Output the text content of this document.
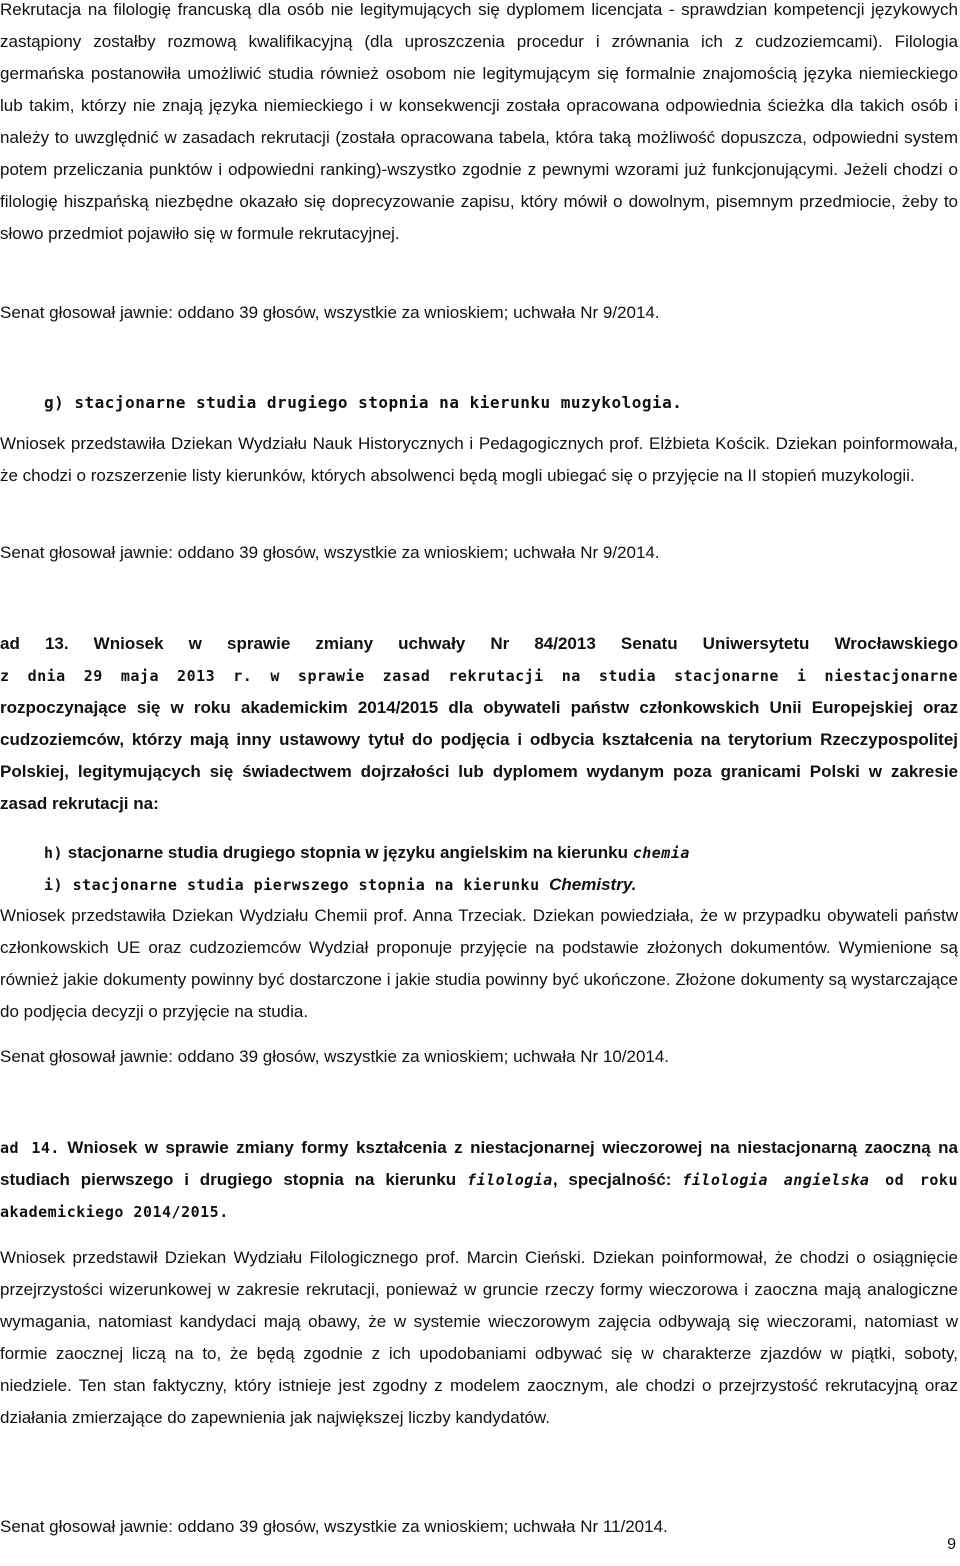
Rekrutacja na filologię francuską dla osób nie legitymujących się dyplomem licencjata - sprawdzian kompetencji językowych zastąpiony zostałby rozmową kwalifikacyjną (dla uproszczenia procedur i zrównania ich z cudzoziemcami). Filologia germańska postanowiła umożliwić studia również osobom nie legitymującym się formalnie znajomością języka niemieckiego lub takim, którzy nie znają języka niemieckiego i w konsekwencji została opracowana odpowiednia ścieżka dla takich osób i należy to uwzględnić w zasadach rekrutacji (została opracowana tabela, która taką możliwość dopuszcza, odpowiedni system potem przeliczania punktów i odpowiedni ranking)-wszystko zgodnie z pewnymi wzorami już funkcjonującymi. Jeżeli chodzi o filologię hiszpańską niezbędne okazało się doprecyzowanie zapisu, który mówił o dowolnym, pisemnym przedmiocie, żeby to słowo przedmiot pojawiło się w formule rekrutacyjnej.

Senat głosował jawnie: oddano 39 głosów, wszystkie za wnioskiem; uchwała Nr 9/2014.

g) stacjonarne studia drugiego stopnia na kierunku muzykologia.

Wniosek przedstawiła Dziekan Wydziału Nauk Historycznych i Pedagogicznych prof. Elżbieta Kościk. Dziekan poinformowała, że chodzi o rozszerzenie listy kierunków, których absolwenci będą mogli ubiegać się o przyjęcie na II stopień muzykologii.

Senat głosował jawnie: oddano 39 głosów, wszystkie za wnioskiem; uchwała Nr 9/2014.

ad 13. Wniosek w sprawie zmiany uchwały Nr 84/2013 Senatu Uniwersytetu Wrocławskiego
z dnia 29 maja 2013 r. w sprawie zasad rekrutacji na studia stacjonarne i niestacjonarne
rozpoczynające się w roku akademickim 2014/2015 dla obywateli państw członkowskich Unii Europejskiej oraz cudzoziemców, którzy mają inny ustawowy tytuł do podjęcia i odbycia kształcenia na terytorium Rzeczypospolitej Polskiej, legitymujących się świadectwem dojrzałości lub dyplomem wydanym poza granicami Polski w zakresie zasad rekrutacji na:

h) stacjonarne studia drugiego stopnia w języku angielskim na kierunku chemia

i) stacjonarne studia pierwszego stopnia na kierunku Chemistry.

Wniosek przedstawiła Dziekan Wydziału Chemii prof. Anna Trzeciak. Dziekan powiedziała, że w przypadku obywateli państw członkowskich UE oraz cudzoziemców Wydział proponuje przyjęcie na podstawie złożonych dokumentów. Wymienione są również jakie dokumenty powinny być dostarczone i jakie studia powinny być ukończone. Złożone dokumenty są wystarczające do podjęcia decyzji o przyjęcie na studia.

Senat głosował jawnie: oddano 39 głosów, wszystkie za wnioskiem; uchwała Nr 10/2014.

ad 14. Wniosek w sprawie zmiany formy kształcenia z niestacjonarnej wieczorowej na niestacjonarną zaoczną na studiach pierwszego i drugiego stopnia na kierunku filologia, specjalność: filologia angielska od roku akademickiego 2014/2015.

Wniosek przedstawił Dziekan Wydziału Filologicznego prof. Marcin Cieński. Dziekan poinformował, że chodzi o osiągnięcie przejrzystości wizerunkowej w zakresie rekrutacji, ponieważ w gruncie rzeczy formy wieczorowa i zaoczna mają analogiczne wymagania, natomiast kandydaci mają obawy, że w systemie wieczorowym zajęcia odbywają się wieczorami, natomiast w formie zaocznej liczą na to, że będą zgodnie z ich upodobaniami odbywać się w charakterze zjazdów w piątki, soboty, niedziele. Ten stan faktyczny, który istnieje jest zgodny z modelem zaocznym, ale chodzi o przejrzystość rekrutacyjną oraz działania zmierzające do zapewnienia jak największej liczby kandydatów.

Senat głosował jawnie: oddano 39 głosów, wszystkie za wnioskiem; uchwała Nr 11/2014.

9
